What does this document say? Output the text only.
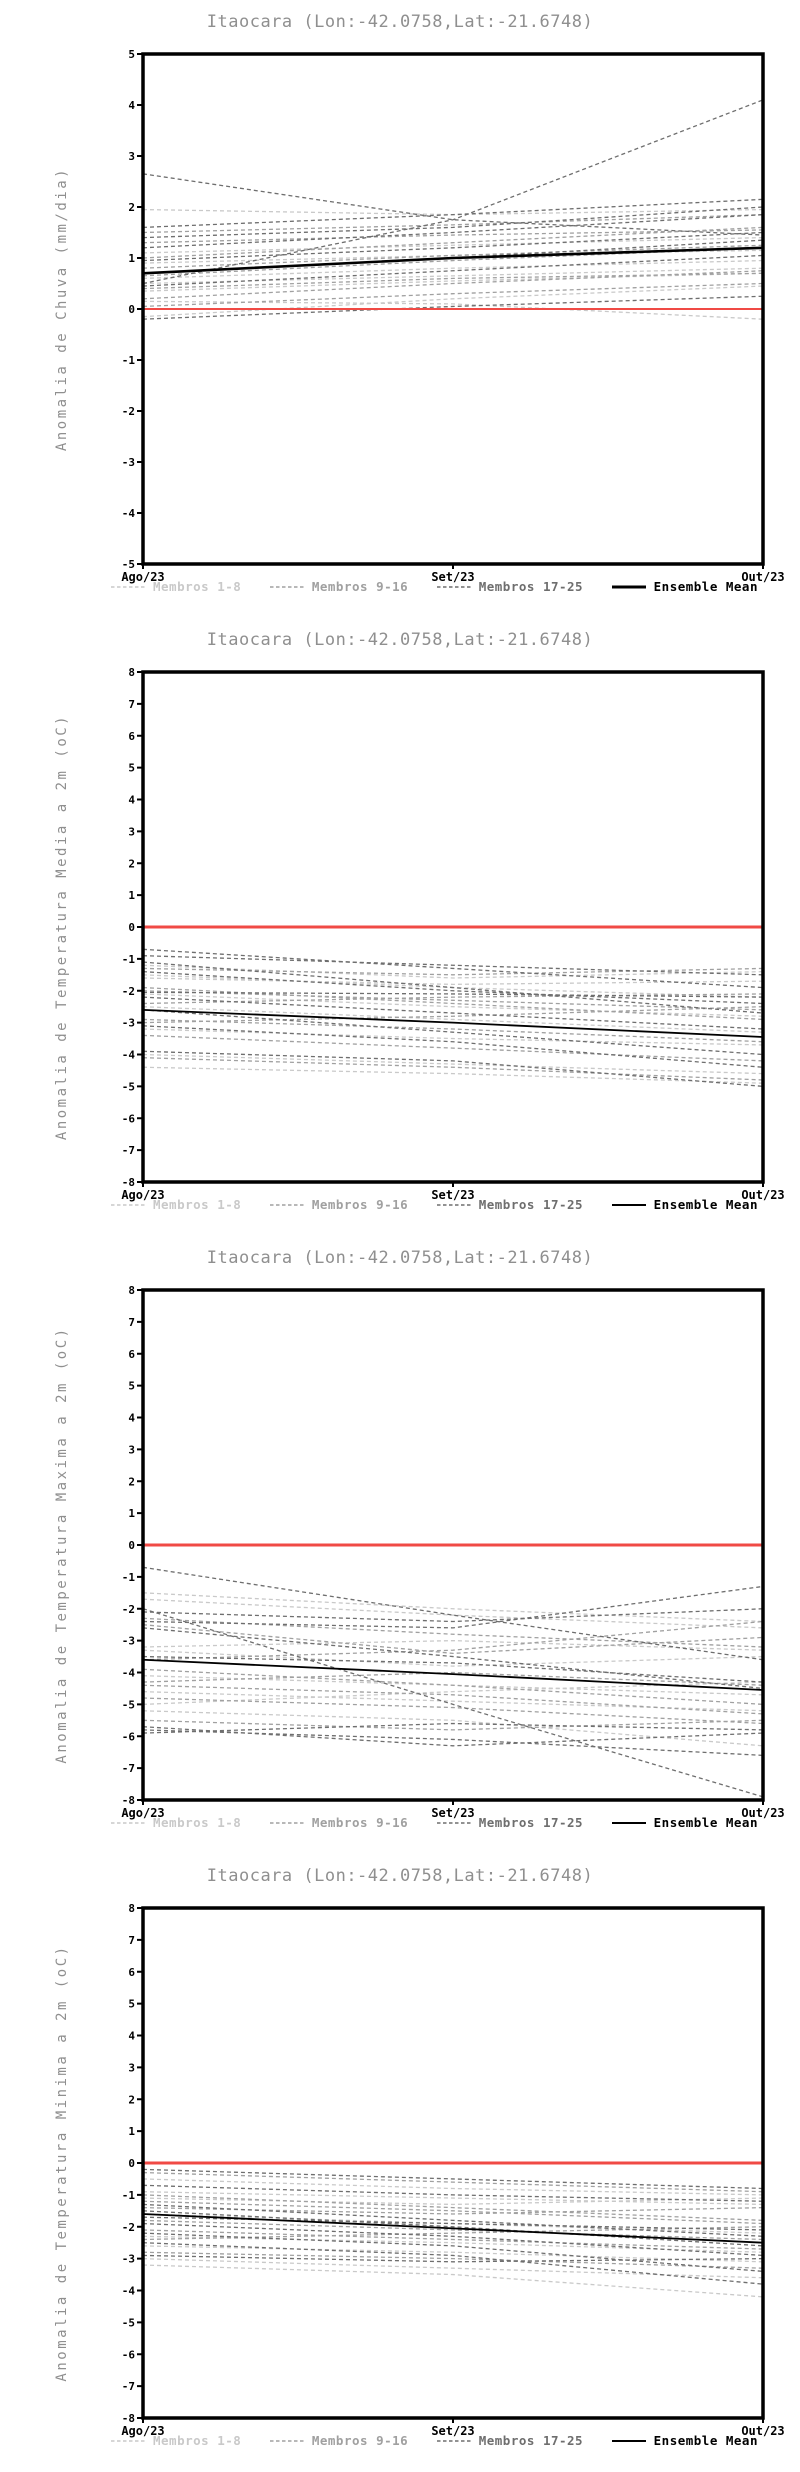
5
4
3
2
1
0
-1
-2
-3
-4
-5
Ago/23	Set/23	Out/23
Anomalia de Chuva (mm/dia)
Itaocara (Lon:-42.0758,Lat:-21.6748)
Membros 1-8	Membros 9-16	Membros 17-25	Ensemble Mean
8
7
6
5
4
3
2
1
0
-1
-2
-3
-4
-5
-6
-7
-8
Ago/23	Set/23	Out/23
Anomalia de Temperatura Media a 2m (oC)
Itaocara (Lon:-42.0758,Lat:-21.6748)
Membros 1-8	Membros 9-16	Membros 17-25	Ensemble Mean
8
7
6
5
4
3
2
1
0
-1
-2
-3
-4
-5
-6
-7
-8
Ago/23	Set/23	Out/23
Anomalia de Temperatura Maxima a 2m (oC)
Itaocara (Lon:-42.0758,Lat:-21.6748)
Membros 1-8	Membros 9-16	Membros 17-25	Ensemble Mean
8
7
6
5
4
3
2
1
0
-1
-2
-3
-4
-5
-6
-7
-8
Ago/23	Set/23	Out/23
Anomalia de Temperatura Minima a 2m (oC)
Itaocara (Lon:-42.0758,Lat:-21.6748)
Membros 1-8	Membros 9-16	Membros 17-25	Ensemble Mean
